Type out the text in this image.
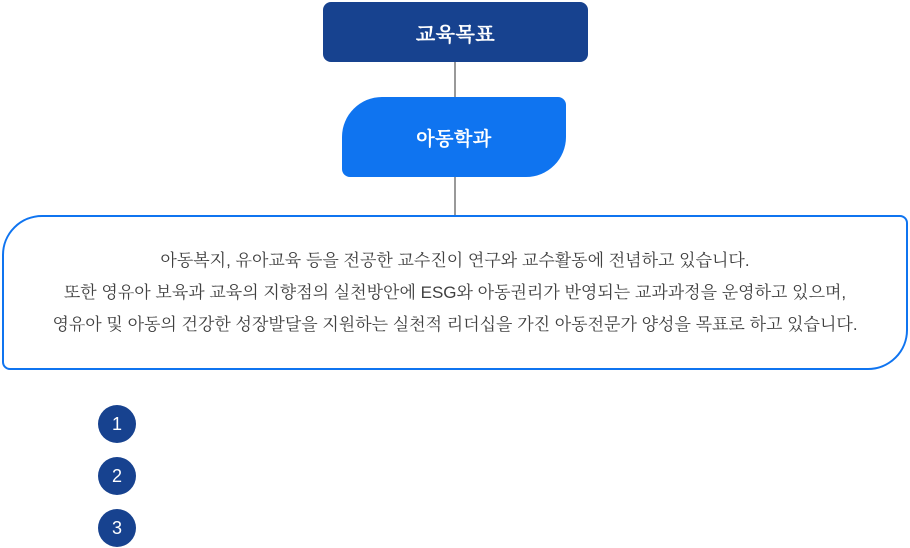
교육목표
아동학과
아동복지, 유아교육 등을 전공한 교수진이 연구와 교수활동에 전념하고 있습니다.
또한 영유아 보육과 교육의 지향점의 실천방안에 ESG와 아동권리가 반영되는 교과과정을 운영하고 있으며,
영유아 및 아동의 건강한 성장발달을 지원하는 실천적 리더십을 가진 아동전문가 양성을 목표로 하고 있습니다.
1
2
3
